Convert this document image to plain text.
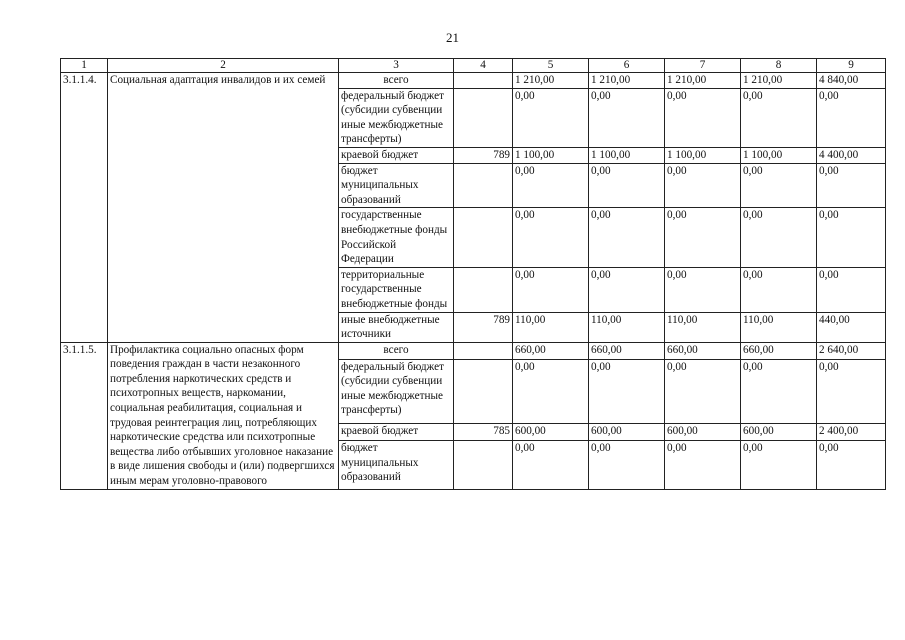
21
1	2	3	4	5	6	7	8	9
3.1.1.4.	Социальная адаптация инвалидов и их семей	всего		1 210,00	1 210,00	1 210,00	1 210,00	4 840,00
		федеральный бюджет (субсидии субвенции иные межбюджетные трансферты)		0,00	0,00	0,00	0,00	0,00
		краевой бюджет	789	1 100,00	1 100,00	1 100,00	1 100,00	4 400,00
		бюджет муниципальных образований		0,00	0,00	0,00	0,00	0,00
		государственные внебюджетные фонды Российской Федерации		0,00	0,00	0,00	0,00	0,00
		территориальные государственные внебюджетные фонды		0,00	0,00	0,00	0,00	0,00
		иные внебюджетные источники	789	110,00	110,00	110,00	110,00	440,00
3.1.1.5.	Профилактика социально опасных форм поведения граждан в части незаконного потребления наркотических средств и психотропных веществ, наркомании, социальная реабилитация, социальная и трудовая реинтеграция лиц, потребляющих наркотические средства или психотропные вещества либо отбывших уголовное наказание в виде лишения свободы и (или) подвергшихся иным мерам уголовно-правового	всего		660,00	660,00	660,00	660,00	2 640,00
		федеральный бюджет (субсидии субвенции иные межбюджетные трансферты)		0,00	0,00	0,00	0,00	0,00
		краевой бюджет	785	600,00	600,00	600,00	600,00	2 400,00
		бюджет муниципальных образований		0,00	0,00	0,00	0,00	0,00
